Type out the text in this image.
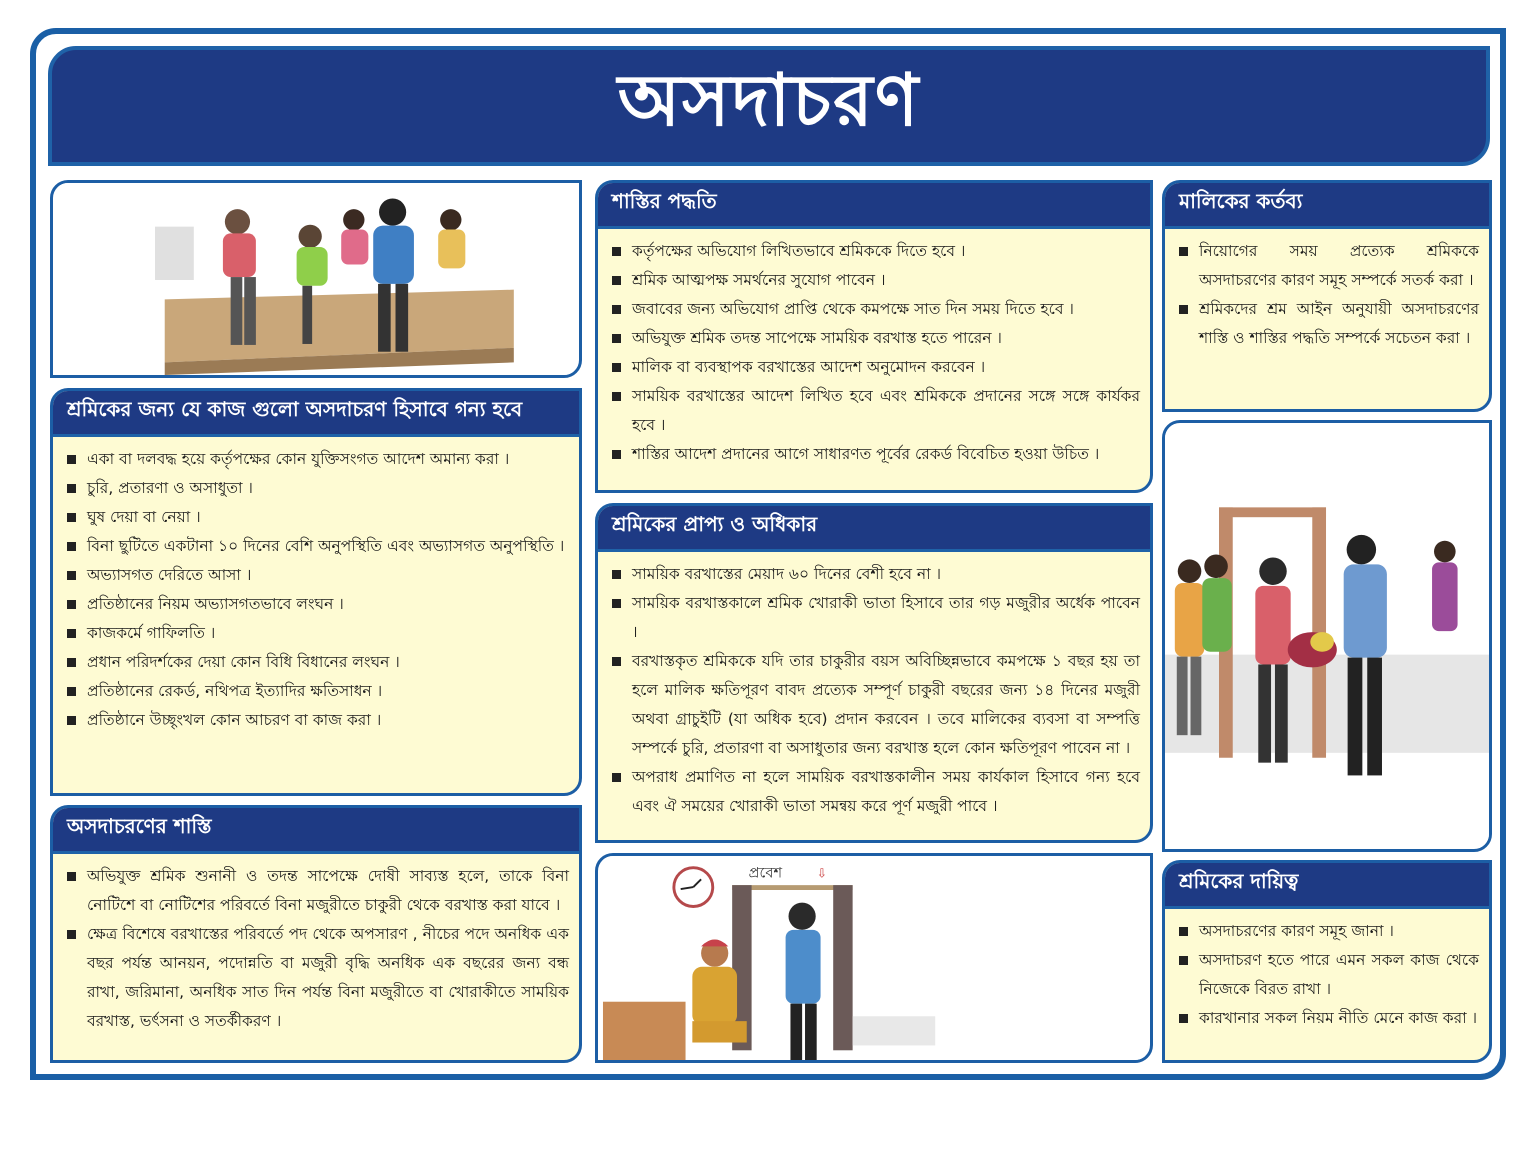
অসদাচরণ
শ্রমিকের জন্য যে কাজ গুলো অসদাচরণ হিসাবে গন্য হবে
একা বা দলবদ্ধ হয়ে কর্তৃপক্ষের কোন যুক্তিসংগত আদেশ অমান্য করা ।
চুরি, প্রতারণা ও অসাধুতা ।
ঘুষ দেয়া বা নেয়া ।
বিনা ছুটিতে একটানা ১০ দিনের বেশি অনুপস্থিতি এবং অভ্যাসগত অনুপস্থিতি ।
অভ্যাসগত দেরিতে আসা ।
প্রতিষ্ঠানের নিয়ম অভ্যাসগতভাবে লংঘন ।
কাজকর্মে গাফিলতি ।
প্রধান পরিদর্শকের দেয়া কোন বিধি বিধানের লংঘন ।
প্রতিষ্ঠানের রেকর্ড, নথিপত্র ইত্যাদির ক্ষতিসাধন ।
প্রতিষ্ঠানে উচ্ছৃংখল কোন আচরণ বা কাজ করা ।
অসদাচরণের শাস্তি
অভিযুক্ত শ্রমিক শুনানী ও তদন্ত সাপেক্ষে দোষী সাব্যস্ত হলে, তাকে বিনা নোটিশে বা নোটিশের পরিবর্তে বিনা মজুরীতে চাকুরী থেকে বরখাস্ত করা যাবে ।
ক্ষেত্র বিশেষে বরখাস্তের পরিবর্তে পদ থেকে অপসারণ , নীচের পদে অনধিক এক বছর পর্যন্ত আনয়ন, পদোন্নতি বা মজুরী বৃদ্ধি অনধিক এক বছরের জন্য বন্ধ রাখা, জরিমানা, অনধিক সাত দিন পর্যন্ত বিনা মজুরীতে বা খোরাকীতে সাময়িক বরখাস্ত, ভর্ৎসনা ও সতর্কীকরণ ।
শাস্তির পদ্ধতি
কর্তৃপক্ষের অভিযোগ লিখিতভাবে শ্রমিককে দিতে হবে ।
শ্রমিক আত্মপক্ষ সমর্থনের সুযোগ পাবেন ।
জবাবের জন্য অভিযোগ প্রাপ্তি থেকে কমপক্ষে সাত দিন সময় দিতে হবে ।
অভিযুক্ত শ্রমিক তদন্ত সাপেক্ষে সাময়িক বরখাস্ত হতে পারেন ।
মালিক বা ব্যবস্থাপক বরখাস্তের আদেশ অনুমোদন করবেন ।
সাময়িক বরখাস্তের আদেশ লিখিত হবে এবং শ্রমিককে প্রদানের সঙ্গে সঙ্গে কার্যকর হবে ।
শাস্তির আদেশ প্রদানের আগে সাধারণত পূর্বের রেকর্ড বিবেচিত হওয়া উচিত ।
শ্রমিকের প্রাপ্য ও অধিকার
সাময়িক বরখাস্তের মেয়াদ ৬০ দিনের বেশী হবে না ।
সাময়িক বরখাস্তকালে শ্রমিক খোরাকী ভাতা হিসাবে তার গড় মজুরীর অর্ধেক পাবেন ।
বরখাস্তকৃত শ্রমিককে যদি তার চাকুরীর বয়স অবিচ্ছিন্নভাবে কমপক্ষে ১ বছর হয় তা হলে মালিক ক্ষতিপূরণ বাবদ প্রত্যেক সম্পূর্ণ চাকুরী বছরের জন্য ১৪ দিনের মজুরী অথবা গ্রাচুইটি (যা অধিক হবে) প্রদান করবেন । তবে মালিকের ব্যবসা বা সম্পত্তি সম্পর্কে চুরি, প্রতারণা বা অসাধুতার জন্য বরখাস্ত হলে কোন ক্ষতিপূরণ পাবেন না ।
অপরাধ প্রমাণিত না হলে সাময়িক বরখাস্তকালীন সময় কার্যকাল হিসাবে গন্য হবে এবং ঐ সময়ের খোরাকী ভাতা সমন্বয় করে পূর্ণ মজুরী পাবে ।
প্রবেশ	⇩
মালিকের কর্তব্য
নিয়োগের সময় প্রত্যেক শ্রমিককে অসদাচরণের কারণ সমূহ সম্পর্কে সতর্ক করা ।
শ্রমিকদের শ্রম আইন অনুযায়ী অসদাচরণের শাস্তি ও শাস্তির পদ্ধতি সম্পর্কে সচেতন করা ।
শ্রমিকের দায়িত্ব
অসদাচরণের কারণ সমূহ জানা ।
অসদাচরণ হতে পারে এমন সকল কাজ থেকে নিজেকে বিরত রাখা ।
কারখানার সকল নিয়ম নীতি মেনে কাজ করা ।
